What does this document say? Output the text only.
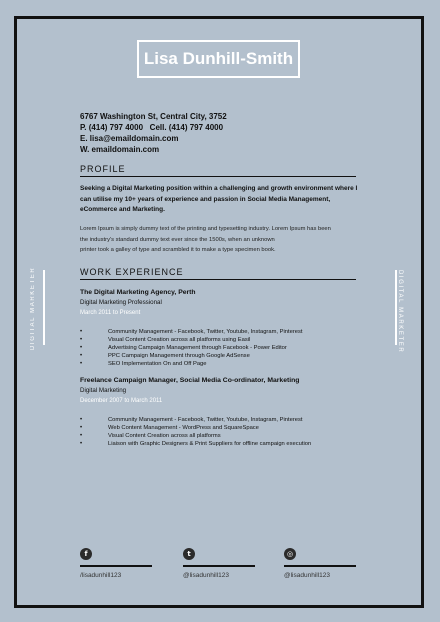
Lisa Dunhill-Smith
6767 Washington St, Central City, 3752
P. (414) 797 4000   Cell. (414) 797 4000
E. lisa@emaildomain.com
W. emaildomain.com
PROFILE
Seeking a Digital Marketing position within a challenging and growth environment where I can utilise my 10+ years of experience and passion in Social Media Management, eCommerce and Marketing.
Lorem Ipsum is simply dummy text of the printing and typesetting industry. Lorem Ipsum has been
the industry's standard dummy text ever since the 1500s, when an unknown
printer took a galley of type and scrambled it to make a type specimen book.
WORK EXPERIENCE
The Digital Marketing Agency, Perth
Digital Marketing Professional
March 2011 to Present
•	Community Management - Facebook, Twitter, Youtube, Instagram, Pinterest
•	Visual Content Creation across all platforms using Easil
•	Advertising Campaign Management through Facebook - Power Editor
•	PPC Campaign Management through Google AdSense
•	SEO Implementation On and Off Page
Freelance Campaign Manager, Social Media Co-ordinator, Marketing
Digital Marketing
December 2007 to March 2011
•	Community Management - Facebook, Twitter, Youtube, Instagram, Pinterest
•	Web Content Management - WordPress and SquareSpace
•	Visual Content Creation across all platforms
•	Liaison with Graphic Designers & Print Suppliers for offline campaign execution
DIGITAL MARKETER	DIGITAL MARKETER
f
/lisadunhill123
t
@lisadunhill123
◎
@lisadunhill123
